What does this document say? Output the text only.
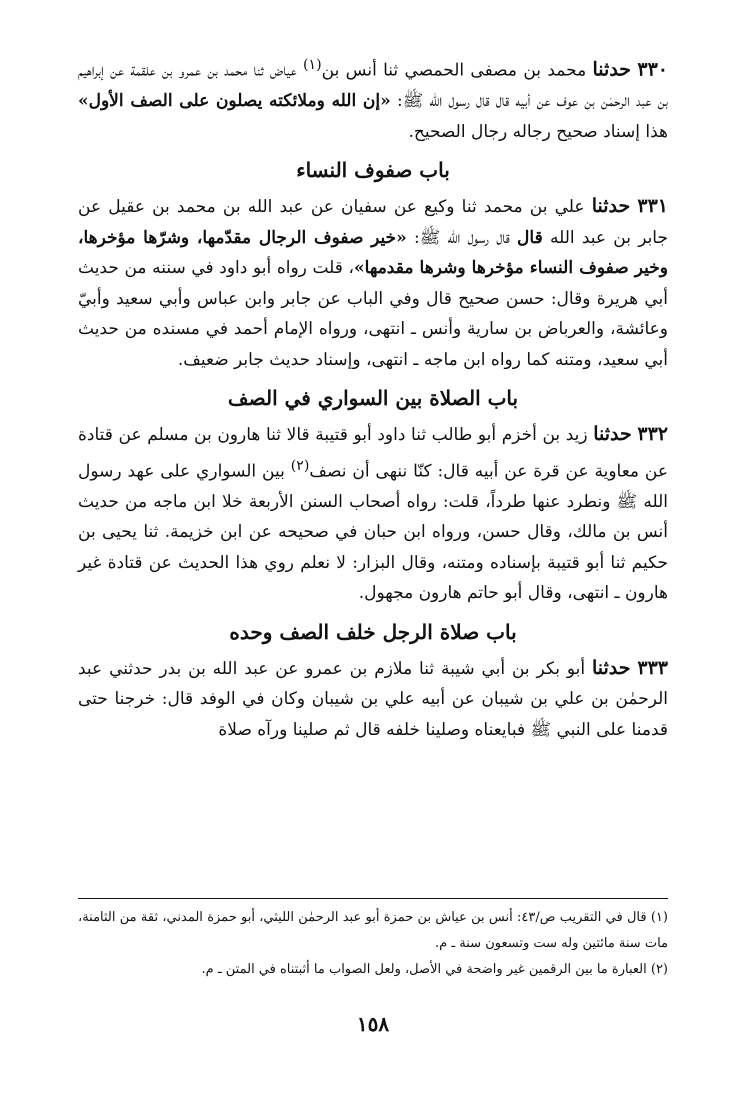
٣٣٠ حدثنا محمد بن مصفى الحمصي ثنا أنس بن$^{(١)}$ عياض ثنا محمد بن عمرو بن علقمة عن إبراهيم بن عبد الرحمٰن بن عوف عن أبيه قال قال رسول الله ﷺ: «إن الله وملائكته يصلون على الصف الأول» هذا إسناد صحيح رجاله رجال الصحيح.

باب صفوف النساء

٣٣١ حدثنا علي بن محمد ثنا وكيع عن سفيان عن عبد الله بن محمد بن عقيل عن جابر بن عبد الله قال قال رسول الله ﷺ: «خير صفوف الرجال مقدّمها، وشرّها مؤخرها، وخير صفوف النساء مؤخرها وشرها مقدمها»، قلت رواه أبو داود في سننه من حديث أبي هريرة وقال: حسن صحيح قال وفي الباب عن جابر وابن عباس وأبي سعيد وأبيّ وعائشة، والعرباض بن سارية وأنس ـ انتهى، ورواه الإمام أحمد في مسنده من حديث أبي سعيد، ومتنه كما رواه ابن ماجه ـ انتهى، وإسناد حديث جابر ضعيف.

باب الصلاة بين السواري في الصف

٣٣٢ حدثنا زيد بن أخزم أبو طالب ثنا داود أبو قتيبة قالا ثنا هارون بن مسلم عن قتادة عن معاوية عن قرة عن أبيه قال: كنّا ننهى أن نصف$^{(٢)}$ بين السواري على عهد رسول الله ﷺ ونطرد عنها طرداً، قلت: رواه أصحاب السنن الأربعة خلا ابن ماجه من حديث أنس بن مالك، وقال حسن، ورواه ابن حبان في صحيحه عن ابن خزيمة. ثنا يحيى بن حكيم ثنا أبو قتيبة بإسناده ومتنه، وقال البزار: لا نعلم روي هذا الحديث عن قتادة غير هارون ـ انتهى، وقال أبو حاتم هارون مجهول.

باب صلاة الرجل خلف الصف وحده

٣٣٣ حدثنا أبو بكر بن أبي شيبة ثنا ملازم بن عمرو عن عبد الله بن بدر حدثني عبد الرحمٰن بن علي بن شيبان عن أبيه علي بن شيبان وكان في الوفد قال: خرجنا حتى قدمنا على النبي ﷺ فبايعناه وصلينا خلفه قال ثم صلينا ورآه صلاة

(١) قال في التقريب ص/٤٣: أنس بن عياش بن حمزة أبو عبد الرحمٰن الليثي، أبو حمزة المدني، ثقة من الثامنة، مات سنة مائتين وله ست وتسعون سنة ـ م.

(٢) العبارة ما بين الرقمين غير واضحة في الأصل، ولعل الصواب ما أثبتناه في المتن ـ م.

١٥٨
